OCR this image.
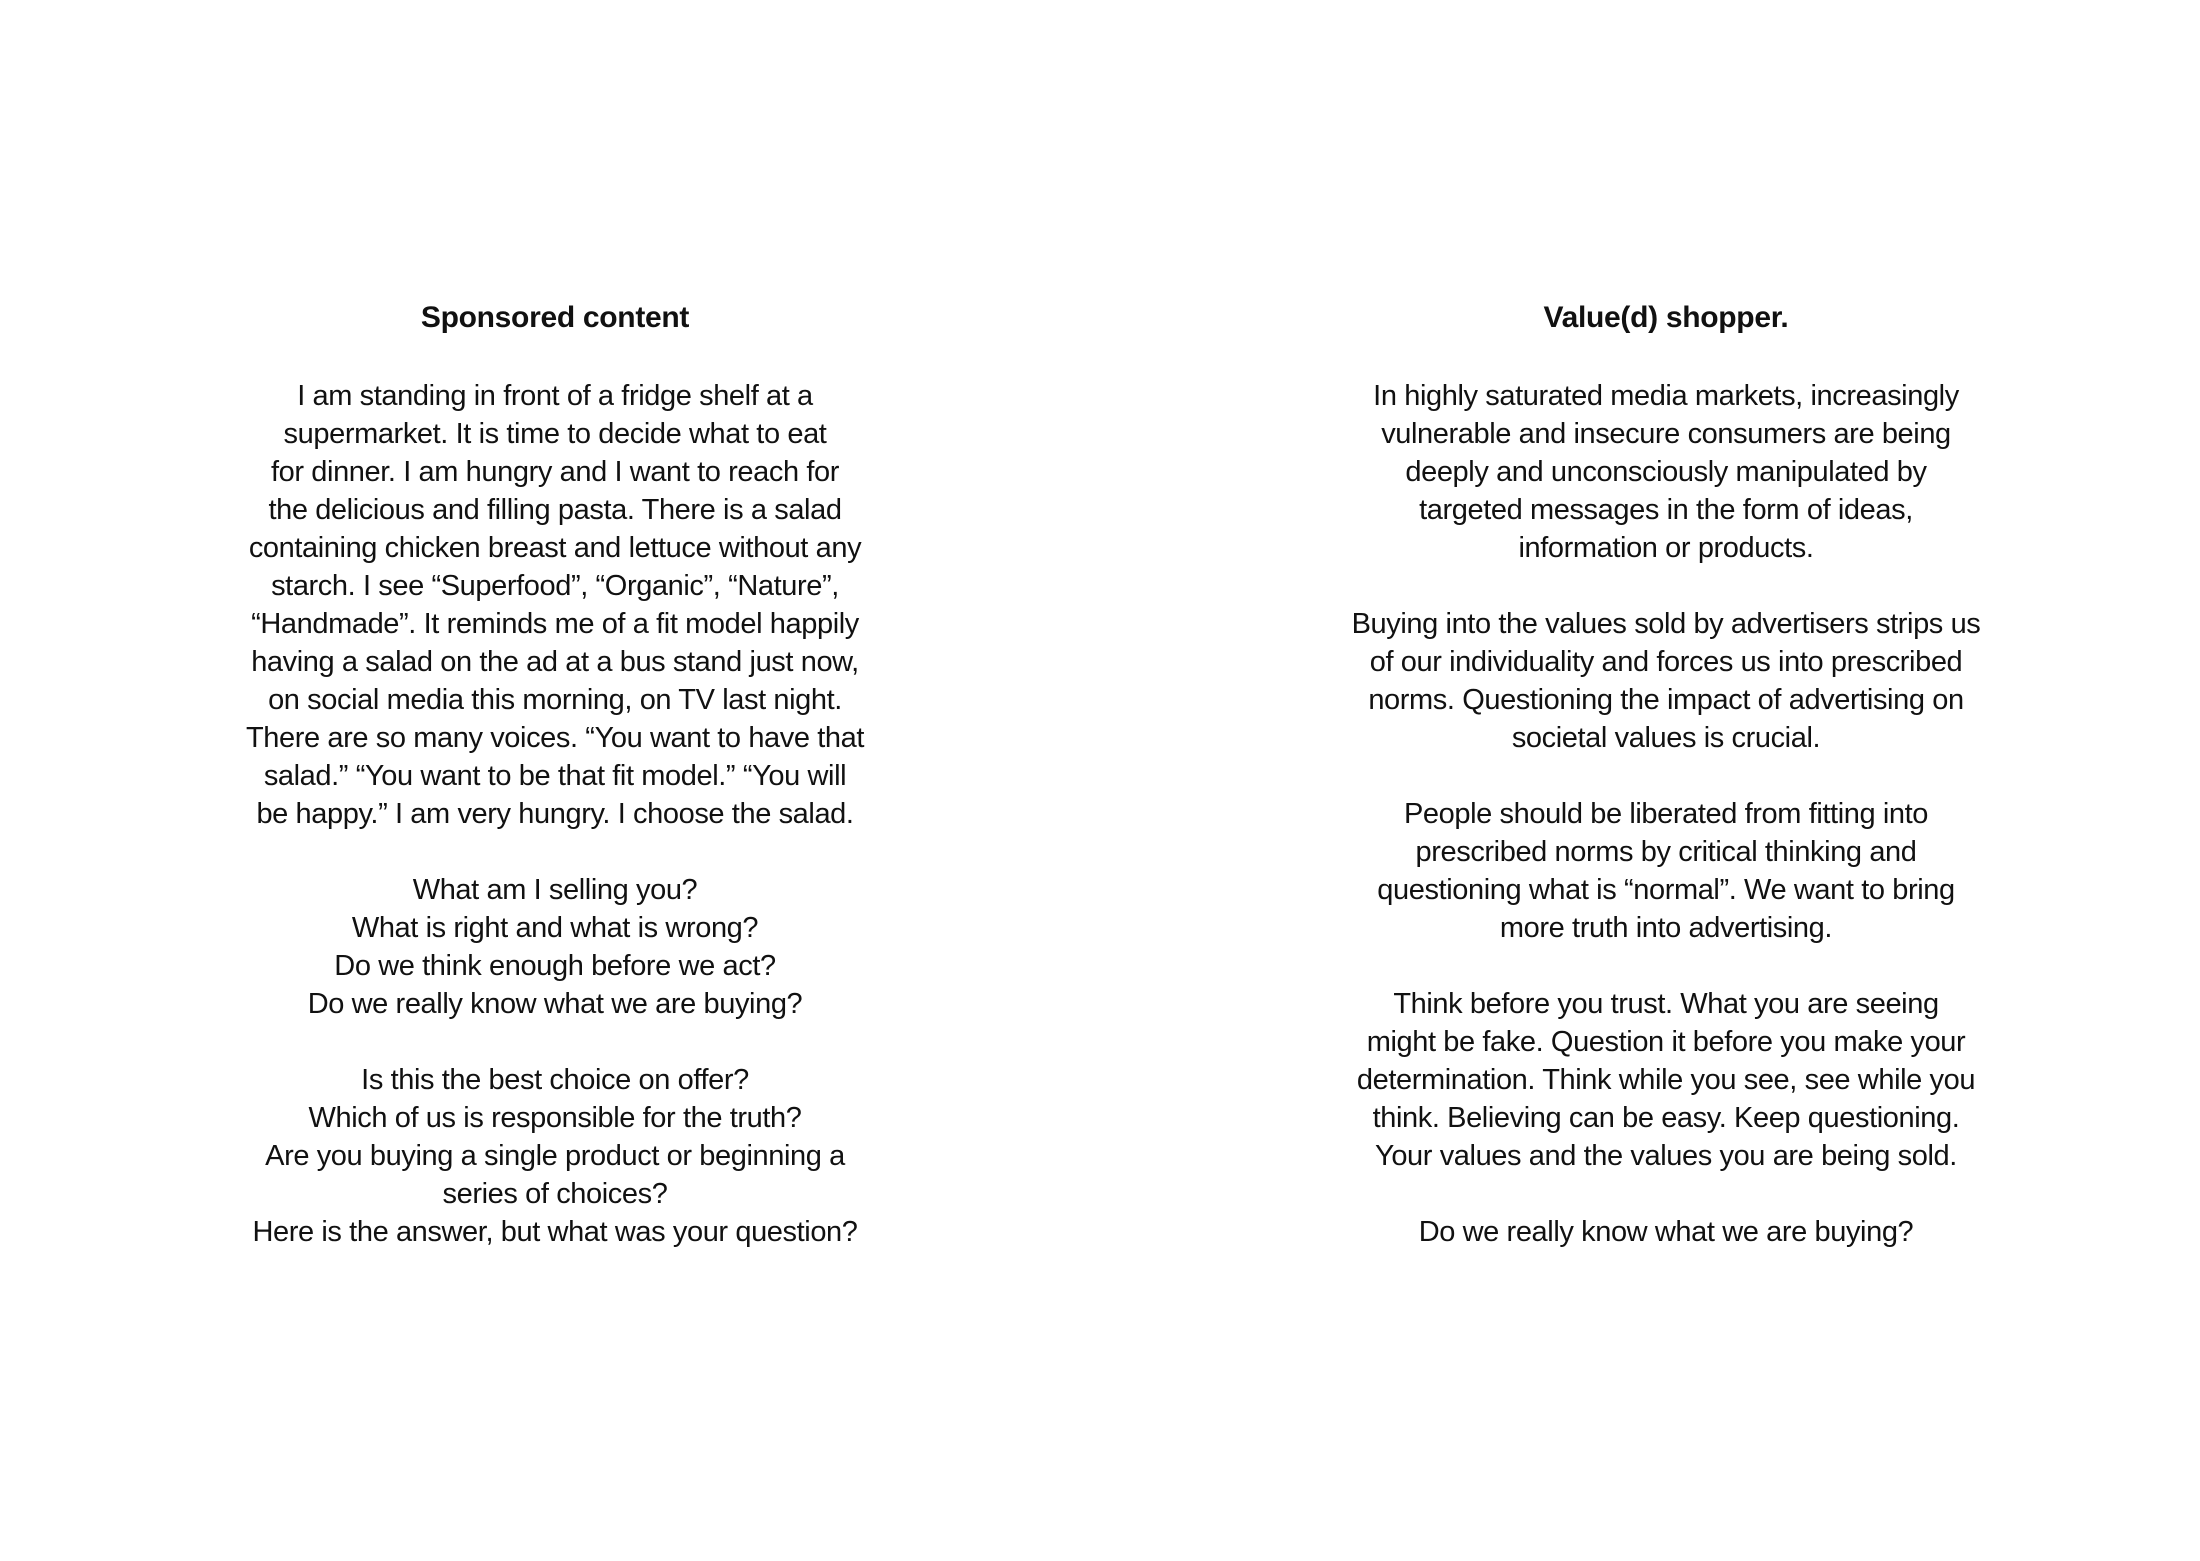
Sponsored content
I am standing in front of a fridge shelf at a
supermarket. It is time to decide what to eat
for dinner. I am hungry and I want to reach for
the delicious and filling pasta. There is a salad
containing chicken breast and lettuce without any
starch. I see “Superfood”, “Organic”, “Nature”,
“Handmade”. It reminds me of a fit model happily
having a salad on the ad at a bus stand just now,
on social media this morning, on TV last night.
There are so many voices. “You want to have that
salad.” “You want to be that fit model.” “You will
be happy.” I am very hungry. I choose the salad.
What am I selling you?
What is right and what is wrong?
Do we think enough before we act?
Do we really know what we are buying?
Is this the best choice on offer?
Which of us is responsible for the truth?
Are you buying a single product or beginning a
series of choices?
Here is the answer, but what was your question?
Value(d) shopper.
In highly saturated media markets, increasingly
vulnerable and insecure consumers are being
deeply and unconsciously manipulated by
targeted messages in the form of ideas,
information or products.
Buying into the values sold by advertisers strips us
of our individuality and forces us into prescribed
norms. Questioning the impact of advertising on
societal values is crucial.
People should be liberated from fitting into
prescribed norms by critical thinking and
questioning what is “normal”. We want to bring
more truth into advertising.
Think before you trust. What you are seeing
might be fake. Question it before you make your
determination. Think while you see, see while you
think. Believing can be easy. Keep questioning.
Your values and the values you are being sold.
Do we really know what we are buying?
